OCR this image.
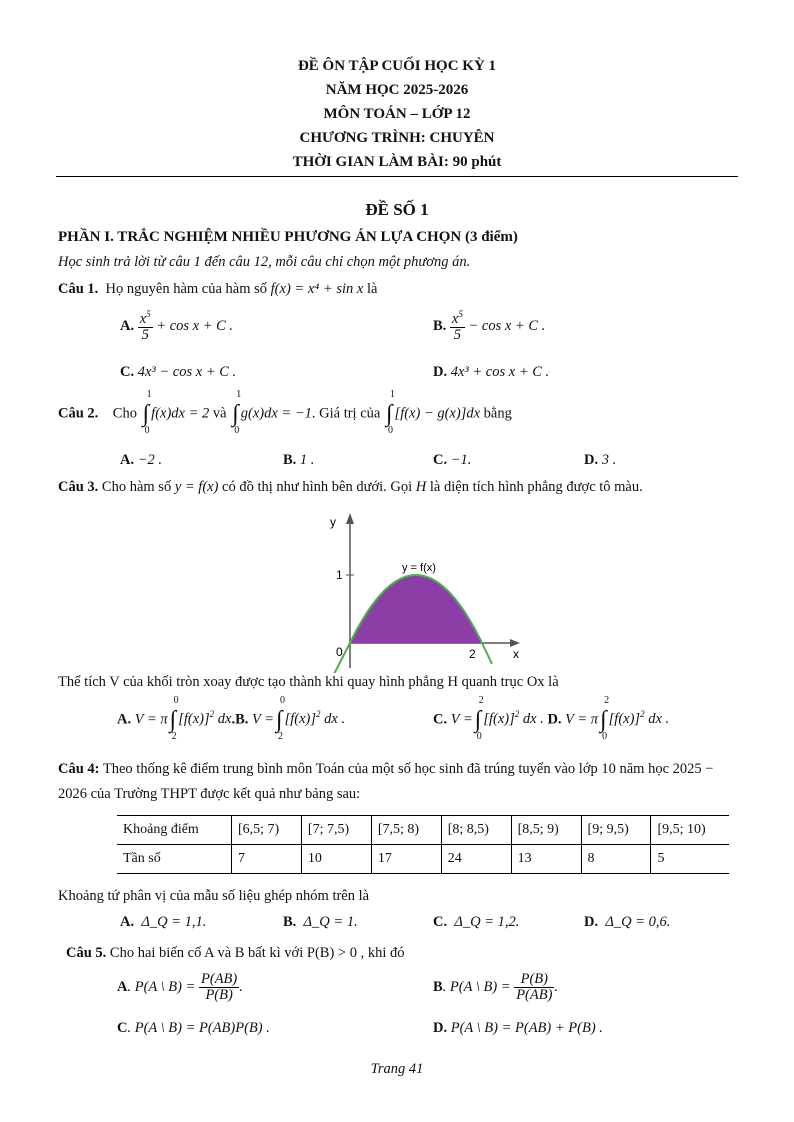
ĐỀ ÔN TẬP CUỐI HỌC KỲ 1
NĂM HỌC 2025-2026
MÔN TOÁN – LỚP 12
CHƯƠNG TRÌNH: CHUYÊN
THỜI GIAN LÀM BÀI: 90 phút
ĐỀ SỐ 1
PHẦN I. TRẮC NGHIỆM NHIỀU PHƯƠNG ÁN LỰA CHỌN (3 điểm)
Học sinh trả lời từ câu 1 đến câu 12, mỗi câu chỉ chọn một phương án.
Câu 1. Họ nguyên hàm của hàm số f(x) = x⁴ + sin x là
A. $\frac{x^5}{5} + \cos x + C$ .	B. $\frac{x^5}{5} - \cos x + C$ .
C. 4x³ − cos x + C .	D. 4x³ + cos x + C .
Câu 2. Cho
1
∫
0
f(x)dx = 2 và
1
∫
0
g(x)dx = −1. Giá trị của
1
∫
0
[f(x) − g(x)]dx bằng
A. −2 .	B. 1 .	C. −1.	D. 3 .
Câu 3. Cho hàm số y = f(x) có đồ thị như hình bên dưới. Gọi H là diện tích hình phẳng được tô màu.
y
1
0	2	x
y = f(x)
Thể tích V của khối tròn xoay được tạo thành khi quay hình phẳng H quanh trục Ox là
A. V = π
0
∫
2
$[f(x)]^2$ dx.B. V =
0
∫
2
$[f(x)]^2$ dx .	C. V =
2
∫
0
$[f(x)]^2$ dx . D. V = π
2
∫
0
$[f(x)]^2$ dx .
Câu 4: Theo thống kê điểm trung bình môn Toán của một số học sinh đã trúng tuyển vào lớp 10 năm học 2025 − 2026 của Trường THPT được kết quả như bảng sau:
Khoảng điểm	[6,5; 7)	[7; 7,5)	[7,5; 8)	[8; 8,5)	[8,5; 9)	[9; 9,5)	[9,5; 10)
Tần số	7	10	17	24	13	8	5
Khoảng tứ phân vị của mẫu số liệu ghép nhóm trên là
A. Δ_Q = 1,1.	B. Δ_Q = 1.	C. Δ_Q = 1,2.	D. Δ_Q = 0,6.
Câu 5. Cho hai biến cố A và B bất kì với P(B) > 0 , khi đó
A. P(A \ $B) = \frac{P(AB)}{P(B)}$ .	B. P(A \ $B) = \frac{P(B)}{P(AB)}$ .
C. P(A \ B) = P(AB)P(B) .	D. P(A \ B) = P(AB) + P(B) .
Trang 41
